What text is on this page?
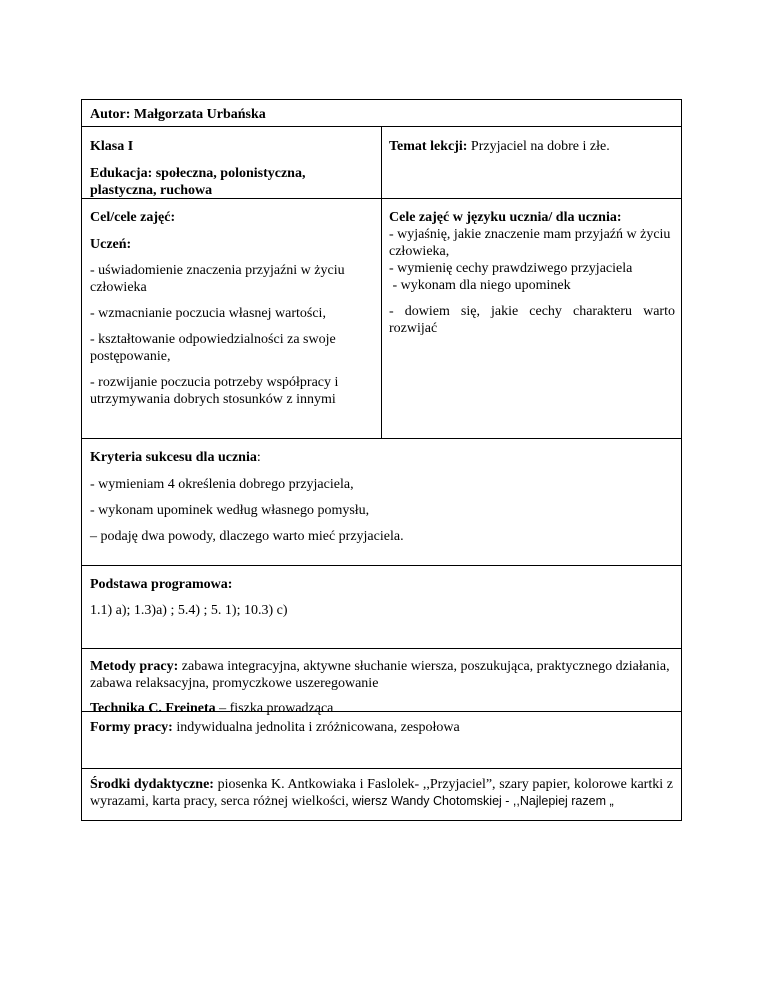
Autor: Małgorzata Urbańska

Klasa I

Edukacja: społeczna, polonistyczna, plastyczna, ruchowa

Temat lekcji: Przyjaciel na dobre i złe.

Cel/cele zajęć:

Uczeń:

- uświadomienie znaczenia przyjaźni w życiu człowieka

- wzmacnianie poczucia własnej wartości,

- kształtowanie odpowiedzialności za swoje postępowanie,

- rozwijanie poczucia potrzeby współpracy i utrzymywania dobrych stosunków z innymi

Cele zajęć w języku ucznia/ dla ucznia:

- wyjaśnię, jakie znaczenie mam przyjaźń w życiu człowieka,

- wymienię cechy prawdziwego przyjaciela

- wykonam dla niego upominek

- dowiem się, jakie cechy charakteru warto rozwijać

Kryteria sukcesu dla ucznia:

- wymieniam 4 określenia dobrego przyjaciela,

- wykonam upominek według własnego pomysłu,

– podaję dwa powody, dlaczego warto mieć przyjaciela.

Podstawa programowa:

1.1) a); 1.3)a) ; 5.4) ; 5. 1); 10.3) c)

Metody pracy: zabawa integracyjna, aktywne słuchanie wiersza, poszukująca, praktycznego działania, zabawa relaksacyjna, promyczkowe uszeregowanie

Technika C. Freineta – fiszka prowadząca

Formy pracy: indywidualna jednolita i zróżnicowana, zespołowa

Środki dydaktyczne: piosenka K. Antkowiaka i Faslolek- ,,Przyjaciel”, szary papier, kolorowe kartki z wyrazami, karta pracy, serca różnej wielkości, wiersz Wandy Chotomskiej - ,,Najlepiej razem „
